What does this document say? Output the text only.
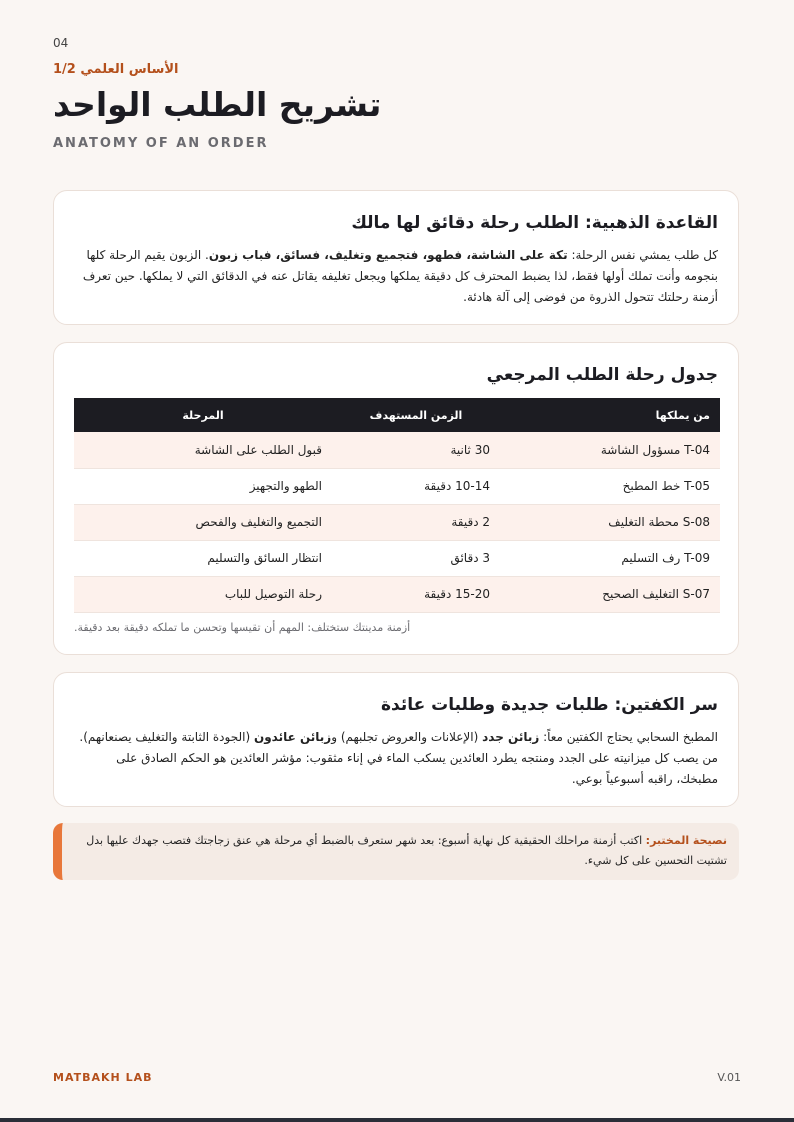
04
الأساس العلمي 1/2
تشريح الطلب الواحد
ANATOMY OF AN ORDER
القاعدة الذهبية: الطلب رحلة دقائق لها مالك

كل طلب يمشي نفس الرحلة: تكة على الشاشة، فطهو، فتجميع وتغليف، فسائق، فباب زبون. الزبون يقيم الرحلة كلها بنجومه وأنت تملك أولها فقط، لذا يضبط المحترف كل دقيقة يملكها ويجعل تغليفه يقاتل عنه في الدقائق التي لا يملكها. حين تعرف أزمنة رحلتك تتحول الذروة من فوضى إلى آلة هادئة.

جدول رحلة الطلب المرجعي
المرحلة	الزمن المستهدف	من يملكها
قبول الطلب على الشاشة	30 ثانية	T-04 مسؤول الشاشة
الطهو والتجهيز	10-14 دقيقة	T-05 خط المطبخ
التجميع والتغليف والفحص	2 دقيقة	S-08 محطة التغليف
انتظار السائق والتسليم	3 دقائق	T-09 رف التسليم
رحلة التوصيل للباب	15-20 دقيقة	S-07 التغليف الصحيح
أزمنة مدينتك ستختلف: المهم أن تقيسها وتحسن ما تملكه دقيقة بعد دقيقة.
سر الكفتين: طلبات جديدة وطلبات عائدة

المطبخ السحابي يحتاج الكفتين معاً: زبائن جدد (الإعلانات والعروض تجلبهم) وزبائن عائدون (الجودة الثابتة والتغليف يصنعانهم). من يصب كل ميزانيته على الجدد ومنتجه يطرد العائدين يسكب الماء في إناء مثقوب: مؤشر العائدين هو الحكم الصادق على مطبخك، راقبه أسبوعياً بوعي.

نصيحة المختبر: اكتب أزمنة مراحلك الحقيقية كل نهاية أسبوع: بعد شهر ستعرف بالضبط أي مرحلة هي عنق زجاجتك فتصب جهدك عليها بدل تشتيت التحسين على كل شيء.
MATBAKH LAB	V.01
